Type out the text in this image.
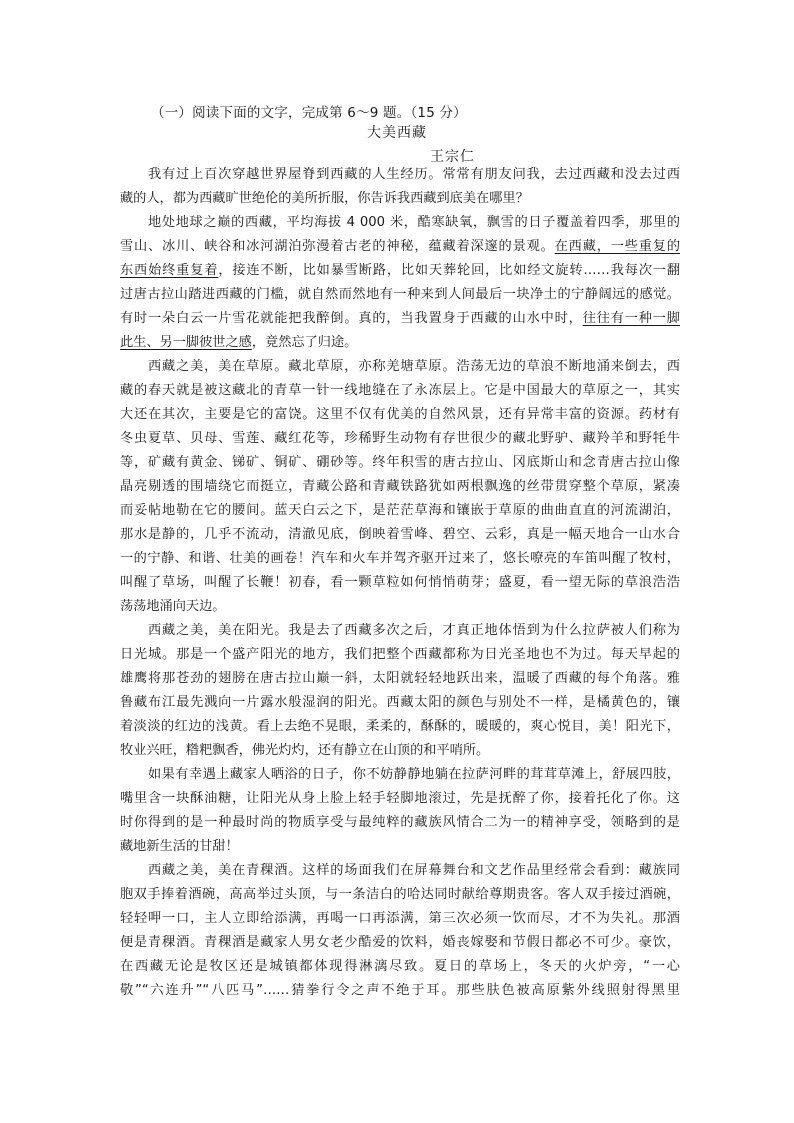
（一）阅读下面的文字，完成第 6～9 题。（15 分）
大美西藏
王宗仁
我有过上百次穿越世界屋脊到西藏的人生经历。常常有朋友问我，去过西藏和没去过西
藏的人，都为西藏旷世绝伦的美所折服，你告诉我西藏到底美在哪里？
地处地球之巅的西藏，平均海拔 4 000 米，酷寒缺氧，飘雪的日子覆盖着四季，那里的
雪山、冰川、峡谷和冰河湖泊弥漫着古老的神秘，蕴藏着深邃的景观。在西藏，一些重复的
东西始终重复着，接连不断，比如暴雪断路，比如天葬轮回，比如经文旋转……我每次一翻
过唐古拉山踏进西藏的门槛，就自然而然地有一种来到人间最后一块净土的宁静阔远的感觉。
有时一朵白云一片雪花就能把我醉倒。真的，当我置身于西藏的山水中时，往往有一种一脚
此生、另一脚彼世之感，竟然忘了归途。
西藏之美，美在草原。藏北草原，亦称羌塘草原。浩荡无边的草浪不断地涌来倒去，西
藏的春天就是被这藏北的青草一针一线地缝在了永冻层上。它是中国最大的草原之一，其实
大还在其次，主要是它的富饶。这里不仅有优美的自然风景，还有异常丰富的资源。药材有
冬虫夏草、贝母、雪莲、藏红花等，珍稀野生动物有存世很少的藏北野驴、藏羚羊和野牦牛
等，矿藏有黄金、锑矿、铜矿、硼砂等。终年积雪的唐古拉山、冈底斯山和念青唐古拉山像
晶亮剔透的围墙绕它而挺立，青藏公路和青藏铁路犹如两根飘逸的丝带贯穿整个草原，紧凑
而妥帖地勒在它的腰间。蓝天白云之下，是茫茫草海和镶嵌于草原的曲曲直直的河流湖泊，
那水是静的，几乎不流动，清澈见底，倒映着雪峰、碧空、云彩，真是一幅天地合一山水合
一的宁静、和谐、壮美的画卷！汽车和火车并驾齐驱开过来了，悠长嘹亮的车笛叫醒了牧村，
叫醒了草场，叫醒了长鞭！初春，看一颗草粒如何悄悄萌芽；盛夏，看一望无际的草浪浩浩
荡荡地涌向天边。
西藏之美，美在阳光。我是去了西藏多次之后，才真正地体悟到为什么拉萨被人们称为
日光城。那是一个盛产阳光的地方，我们把整个西藏都称为日光圣地也不为过。每天早起的
雄鹰将那苍劲的翅膀在唐古拉山巅一斜，太阳就轻轻地跃出来，温暖了西藏的每个角落。雅
鲁藏布江最先溅向一片露水般湿润的阳光。西藏太阳的颜色与别处不一样，是橘黄色的，镶
着淡淡的红边的浅黄。看上去绝不晃眼，柔柔的，酥酥的，暖暖的，爽心悦目，美！阳光下，
牧业兴旺，糌粑飘香，佛光灼灼，还有静立在山顶的和平哨所。
如果有幸遇上藏家人晒浴的日子，你不妨静静地躺在拉萨河畔的茸茸草滩上，舒展四肢，
嘴里含一块酥油糖，让阳光从身上脸上轻手轻脚地滚过，先是抚醉了你，接着托化了你。这
时你得到的是一种最时尚的物质享受与最纯粹的藏族风情合二为一的精神享受，领略到的是
藏地新生活的甘甜！
西藏之美，美在青稞酒。这样的场面我们在屏幕舞台和文艺作品里经常会看到：藏族同
胞双手捧着酒碗，高高举过头顶，与一条洁白的哈达同时献给尊期贵客。客人双手接过酒碗，
轻轻呷一口，主人立即给添满，再喝一口再添满，第三次必须一饮而尽，才不为失礼。那酒
便是青稞酒。青稞酒是藏家人男女老少酷爱的饮料，婚丧嫁娶和节假日都必不可少。豪饮，
在西藏无论是牧区还是城镇都体现得淋漓尽致。夏日的草场上，冬天的火炉旁，“一心
敬”“六连升”“八匹马”……猜拳行令之声不绝于耳。那些肤色被高原紫外线照射得黑里
